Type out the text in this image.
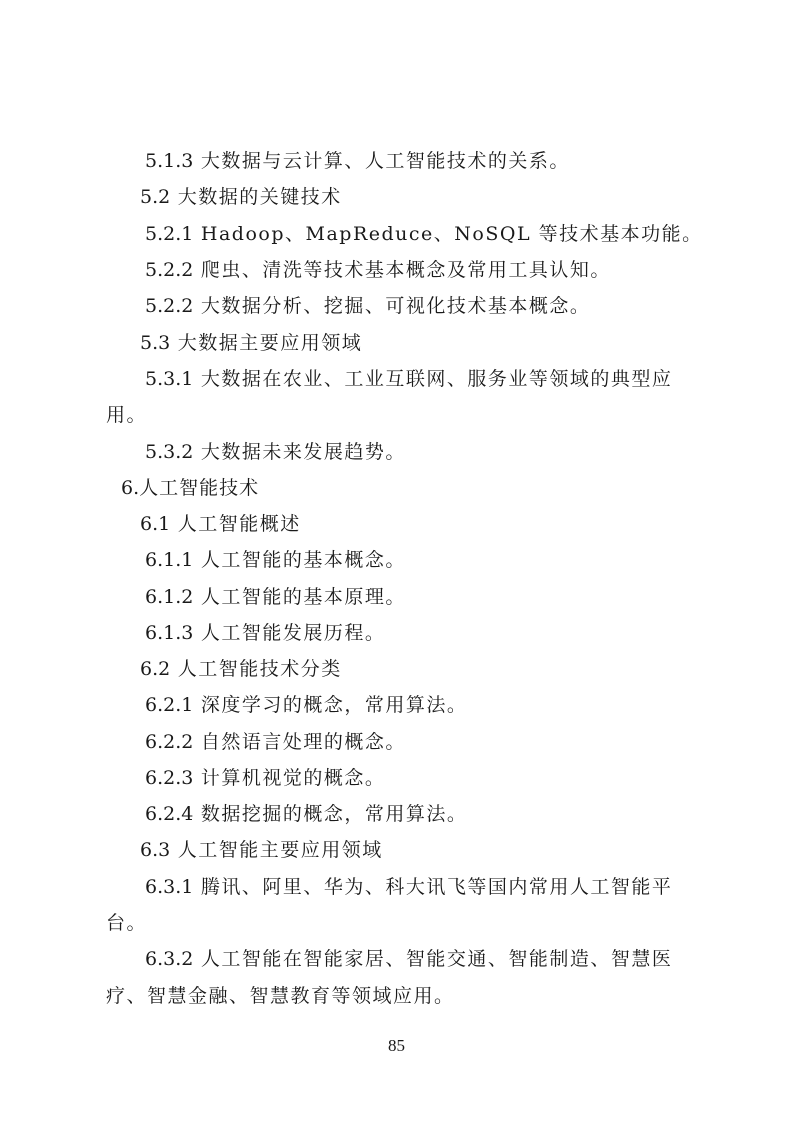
5.1.3 大数据与云计算、人工智能技术的关系。
5.2 大数据的关键技术
5.2.1 Hadoop、MapReduce、NoSQL 等技术基本功能。
5.2.2 爬虫、清洗等技术基本概念及常用工具认知。
5.2.2 大数据分析、挖掘、可视化技术基本概念。
5.3 大数据主要应用领域
5.3.1 大数据在农业、工业互联网、服务业等领域的典型应
用。
5.3.2 大数据未来发展趋势。
6.人工智能技术
6.1 人工智能概述
6.1.1 人工智能的基本概念。
6.1.2 人工智能的基本原理。
6.1.3 人工智能发展历程。
6.2 人工智能技术分类
6.2.1 深度学习的概念，常用算法。
6.2.2 自然语言处理的概念。
6.2.3 计算机视觉的概念。
6.2.4 数据挖掘的概念，常用算法。
6.3 人工智能主要应用领域
6.3.1 腾讯、阿里、华为、科大讯飞等国内常用人工智能平
台。
6.3.2 人工智能在智能家居、智能交通、智能制造、智慧医
疗、智慧金融、智慧教育等领域应用。
85
